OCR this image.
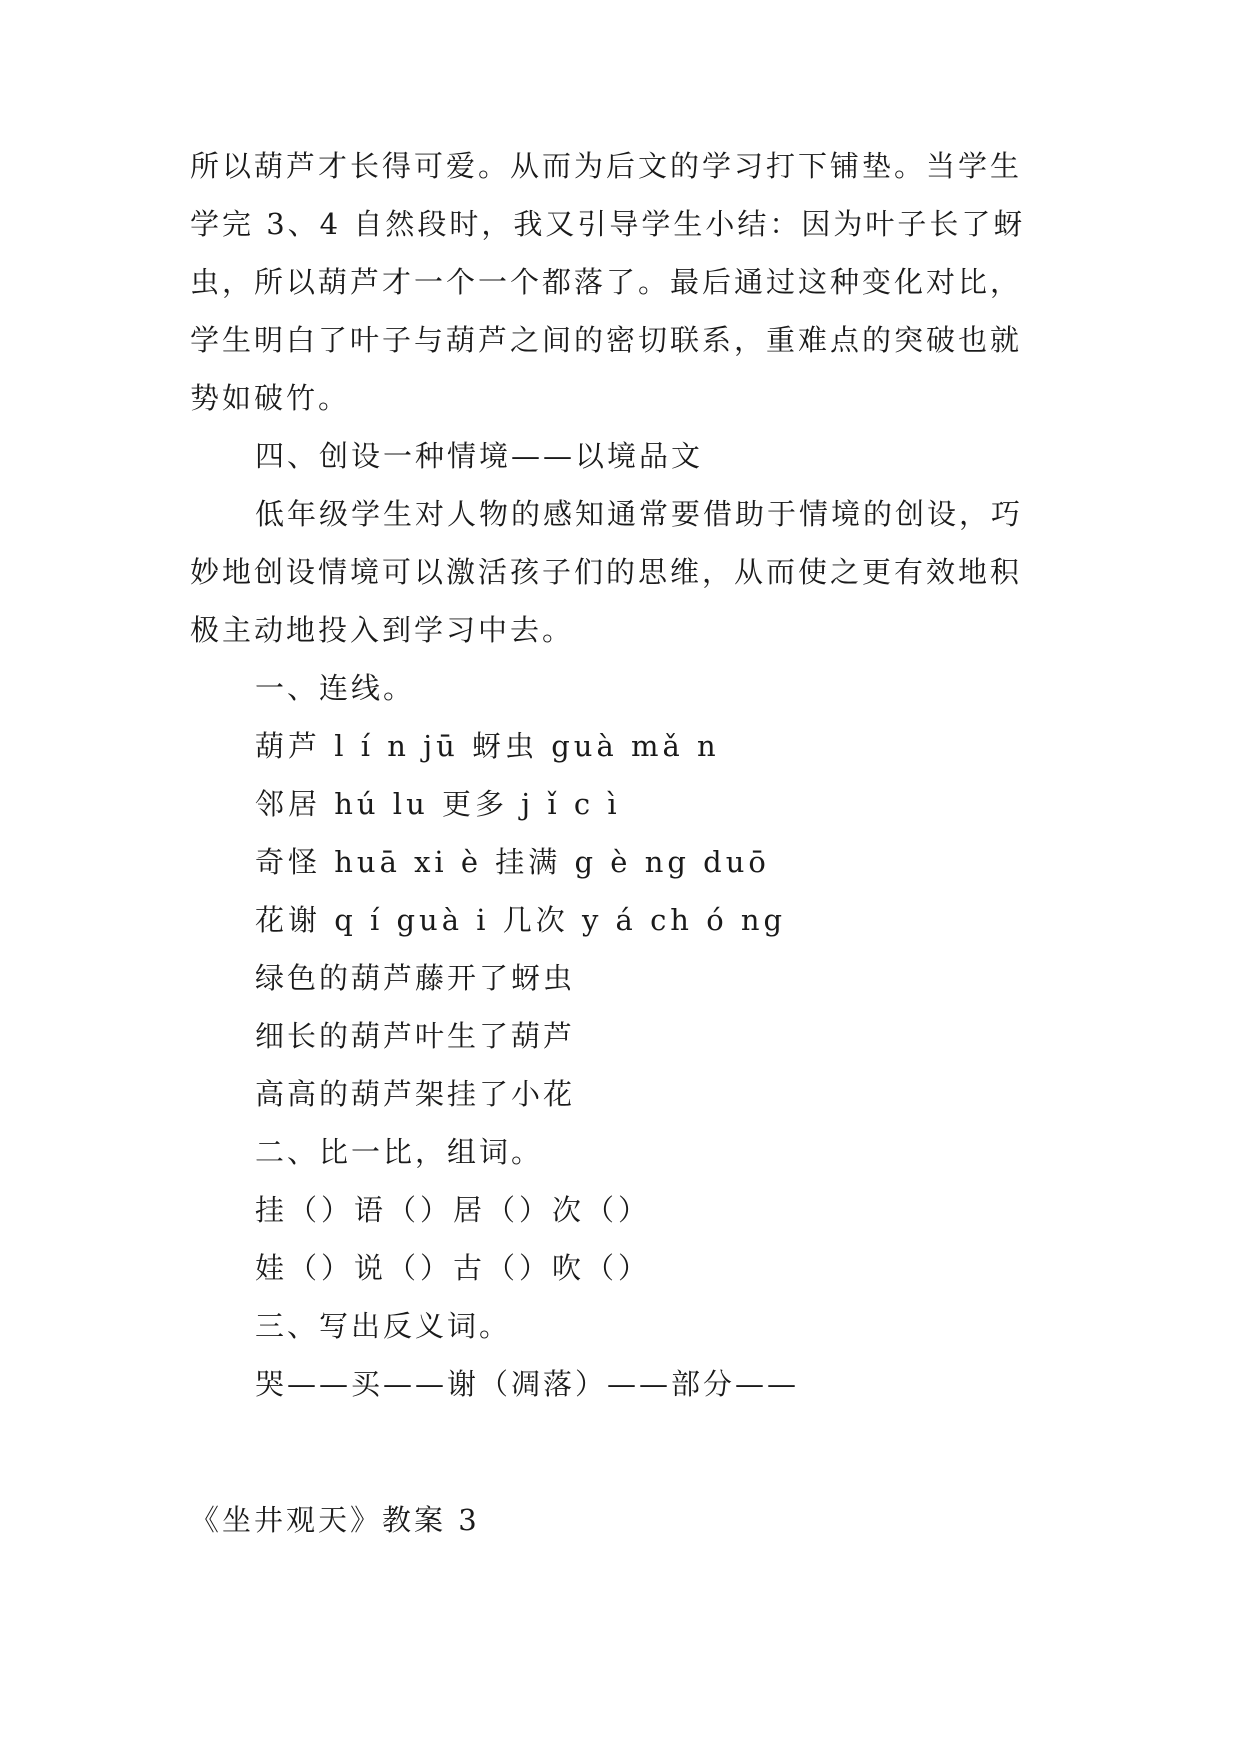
所以葫芦才长得可爱。从而为后文的学习打下铺垫。当学生
学完 3、4 自然段时，我又引导学生小结：因为叶子长了蚜
虫，所以葫芦才一个一个都落了。最后通过这种变化对比，
学生明白了叶子与葫芦之间的密切联系，重难点的突破也就
势如破竹。
四、创设一种情境——以境品文
低年级学生对人物的感知通常要借助于情境的创设，巧
妙地创设情境可以激活孩子们的思维，从而使之更有效地积
极主动地投入到学习中去。
一、连线。
葫芦 l í n jū 蚜虫 guà mǎ n
邻居 hú lu 更多 j ǐ c ì
奇怪 huā xi è 挂满 g è ng duō
花谢 q í guà i 几次 y á ch ó ng
绿色的葫芦藤开了蚜虫
细长的葫芦叶生了葫芦
高高的葫芦架挂了小花
二、比一比，组词。
挂（）语（）居（）次（）
娃（）说（）古（）吹（）
三、写出反义词。
哭——买——谢（凋落）——部分——
《坐井观天》教案 3
